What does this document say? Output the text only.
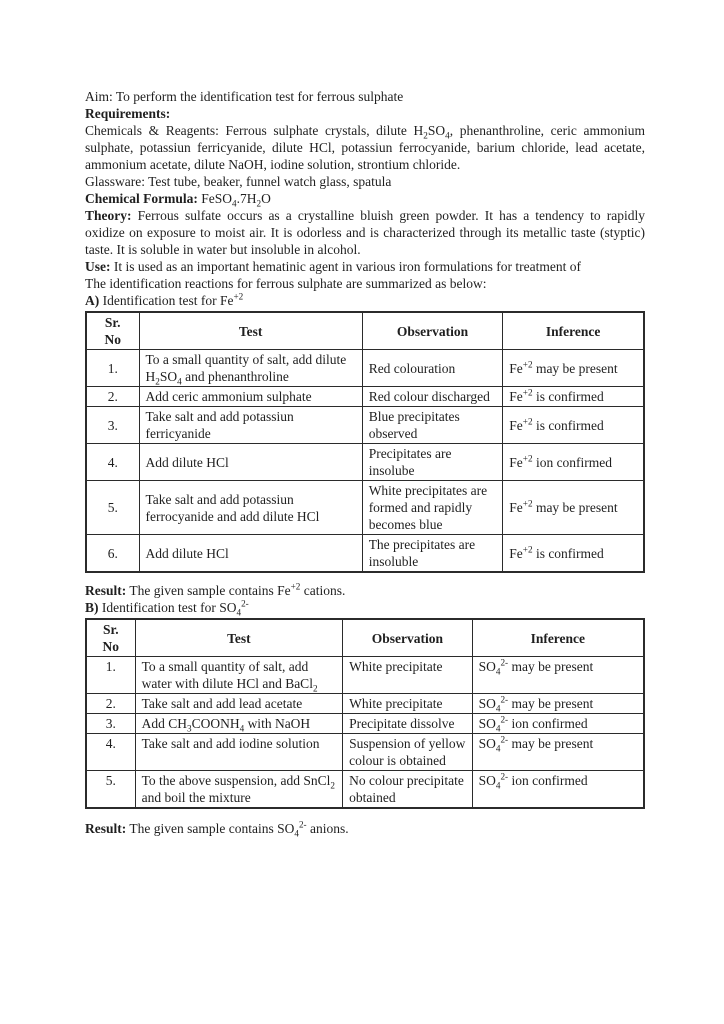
Aim: To perform the identification test for ferrous sulphate

Requirements:

Chemicals & Reagents: Ferrous sulphate crystals, dilute $H_2SO_4$, phenanthroline, ceric ammonium sulphate, potassiun ferricyanide, dilute HCl, potassiun ferrocyanide, barium chloride, lead acetate, ammonium acetate, dilute NaOH, iodine solution, strontium chloride.

Glassware: Test tube, beaker, funnel watch glass, spatula

Chemical Formula: $FeSO_4.7H_2O$

Theory: Ferrous sulfate occurs as a crystalline bluish green powder. It has a tendency to rapidly oxidize on exposure to moist air. It is odorless and is characterized through its metallic taste (styptic) taste. It is soluble in water but insoluble in alcohol.

Use: It is used as an important hematinic agent in various iron formulations for treatment of

The identification reactions for ferrous sulphate are summarized as below:

A) Identification test for $Fe^{+2}$

Sr.
No	Test	Observation	Inference
1.	To a small quantity of salt, add dilute $H_2SO_4$ and phenanthroline	Red colouration	$Fe^{+2}$ may be present
2.	Add ceric ammonium sulphate	Red colour discharged	$Fe^{+2}$ is confirmed
3.	Take salt and add potassiun ferricyanide	Blue precipitates observed	$Fe^{+2}$ is confirmed
4.	Add dilute HCl	Precipitates are insolube	$Fe^{+2}$ ion confirmed
5.	Take salt and add potassiun ferrocyanide and add dilute HCl	White precipitates are formed and rapidly becomes blue	$Fe^{+2}$ may be present
6.	Add dilute HCl	The precipitates are insoluble	$Fe^{+2}$ is confirmed

Result: The given sample contains $Fe^{+2}$ cations.

B) Identification test for $SO_4^{2-}$

Sr.
No	Test	Observation	Inference
1.	To a small quantity of salt, add water with dilute HCl and BaCl$_2$	White precipitate	$SO_4^{2-}$ may be present
2.	Take salt and add lead acetate	White precipitate	$SO_4^{2-}$ may be present
3.	Add $CH_3COONH_4$ with NaOH	Precipitate dissolve	$SO_4^{2-}$ ion confirmed
4.	Take salt and add iodine solution	Suspension of yellow colour is obtained	$SO_4^{2-}$ may be present
5.	To the above suspension, add SnCl$_2$ and boil the mixture	No colour precipitate obtained	$SO_4^{2-}$ ion confirmed

Result: The given sample contains $SO_4^{2-}$ anions.
